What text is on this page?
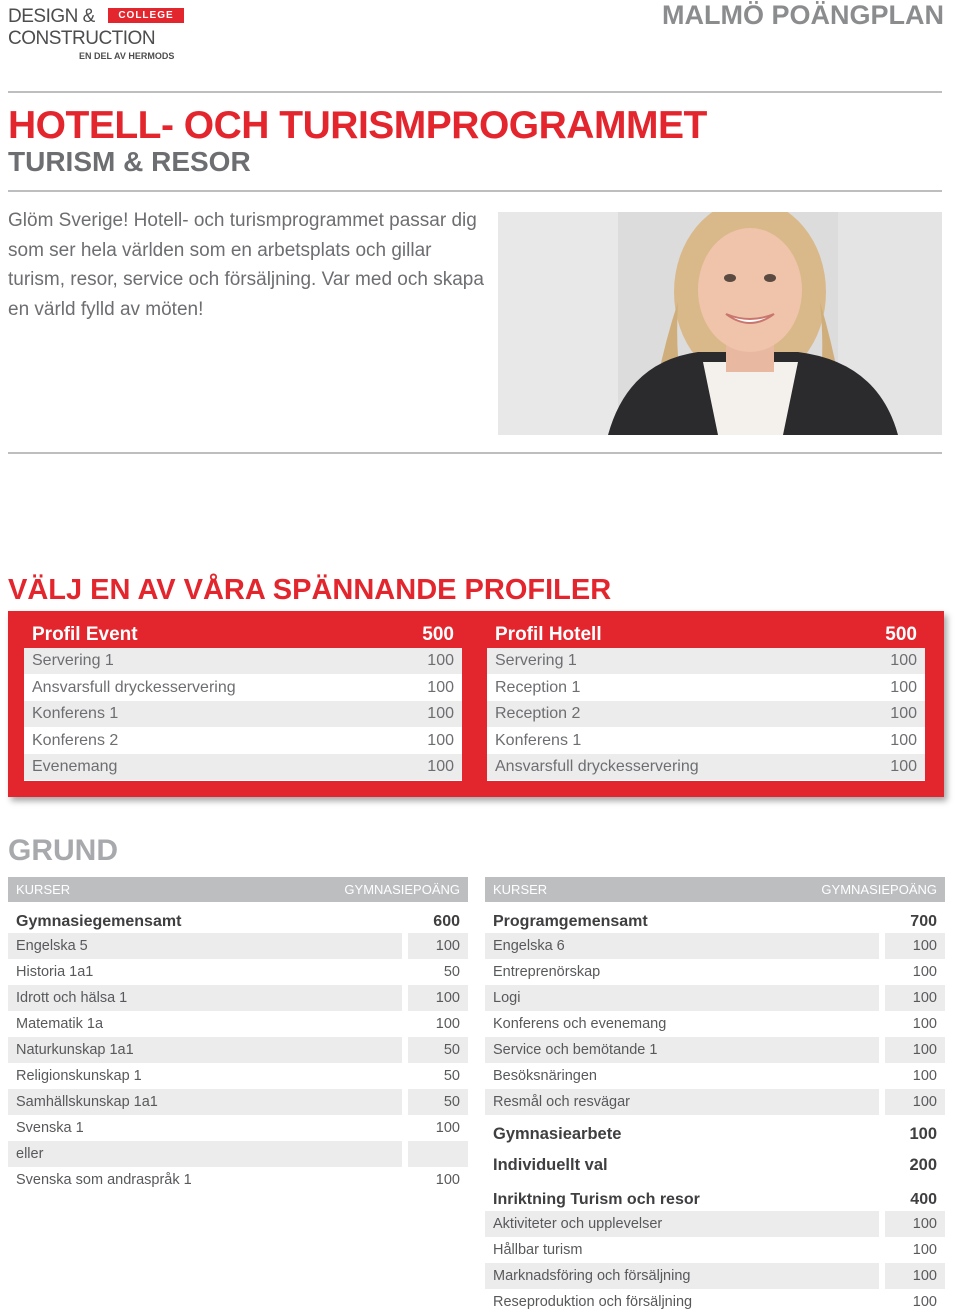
DESIGN &	COLLEGE
CONSTRUCTION
EN DEL AV HERMODS
MALMÖ POÄNGPLAN
HOTELL- OCH TURISMPROGRAMMET
TURISM & RESOR
Glöm Sverige! Hotell- och turismprogrammet passar dig som ser hela världen som en arbetsplats och gillar turism, resor, service och försäljning. Var med och skapa en värld fylld av möten!
VÄLJ EN AV VÅRA SPÄNNANDE PROFILER
Profil Event	500
Servering 1	100
Ansvarsfull dryckesservering	100
Konferens 1	100
Konferens 2	100
Evenemang	100
Profil Hotell	500
Servering 1	100
Reception 1	100
Reception 2	100
Konferens 1	100
Ansvarsfull dryckesservering	100
GRUND
KURSER	GYMNASIEPOÄNG
Gymnasiegemensamt	600
Engelska 5	100
Historia 1a1	50
Idrott och hälsa 1	100
Matematik 1a	100
Naturkunskap 1a1	50
Religionskunskap 1	50
Samhällskunskap 1a1	50
Svenska 1	100
eller
Svenska som andraspråk 1	100
KURSER	GYMNASIEPOÄNG
Programgemensamt	700
Engelska 6	100
Entreprenörskap	100
Logi	100
Konferens och evenemang	100
Service och bemötande 1	100
Besöksnäringen	100
Resmål och resvägar	100
Gymnasiearbete	100
Individuellt val	200
Inriktning Turism och resor	400
Aktiviteter och upplevelser	100
Hållbar turism	100
Marknadsföring och försäljning	100
Reseproduktion och försäljning	100
